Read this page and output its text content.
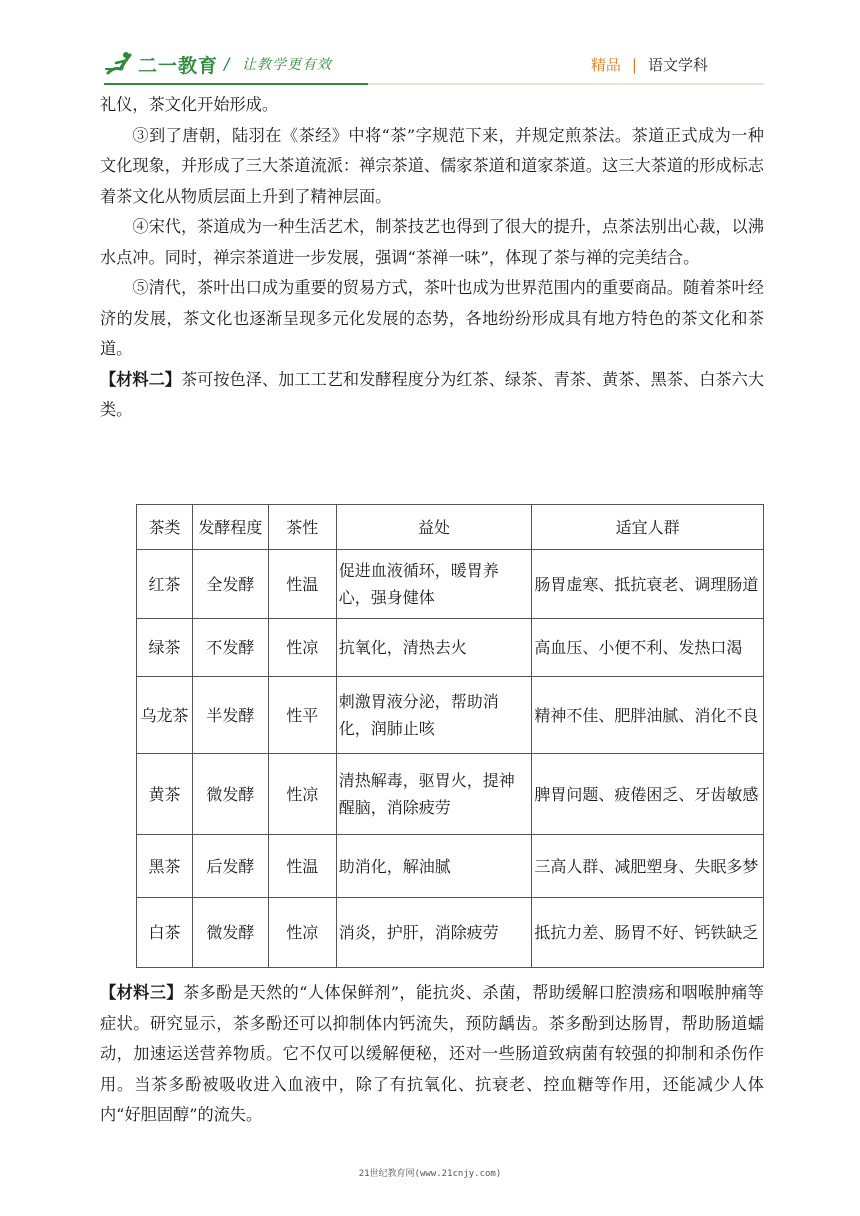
二一教育 / 让教学更有效	精品 | 语文学科

礼仪，茶文化开始形成。

③到了唐朝，陆羽在《茶经》中将“茶”字规范下来，并规定煎茶法。茶道正式成为一种文化现象，并形成了三大茶道流派：禅宗茶道、儒家茶道和道家茶道。这三大茶道的形成标志着茶文化从物质层面上升到了精神层面。

④宋代，茶道成为一种生活艺术，制茶技艺也得到了很大的提升，点茶法别出心裁，以沸水点冲。同时，禅宗茶道进一步发展，强调“茶禅一味”，体现了茶与禅的完美结合。

⑤清代，茶叶出口成为重要的贸易方式，茶叶也成为世界范围内的重要商品。随着茶叶经济的发展，茶文化也逐渐呈现多元化发展的态势，各地纷纷形成具有地方特色的茶文化和茶道。

【材料二】茶可按色泽、加工工艺和发酵程度分为红茶、绿茶、青茶、黄茶、黑茶、白茶六大类。

茶类	发酵程度	茶性	益处	适宜人群
红茶	全发酵	性温	促进血液循环，暖胃养心，强身健体	肠胃虚寒、抵抗衰老、调理肠道
绿茶	不发酵	性凉	抗氧化，清热去火	高血压、小便不利、发热口渴
乌龙茶	半发酵	性平	刺激胃液分泌，帮助消化，润肺止咳	精神不佳、肥胖油腻、消化不良
黄茶	微发酵	性凉	清热解毒，驱胃火，提神醒脑，消除疲劳	脾胃问题、疲倦困乏、牙齿敏感
黑茶	后发酵	性温	助消化，解油腻	三高人群、减肥塑身、失眠多梦
白茶	微发酵	性凉	消炎，护肝，消除疲劳	抵抗力差、肠胃不好、钙铁缺乏

【材料三】茶多酚是天然的“人体保鲜剂”，能抗炎、杀菌，帮助缓解口腔溃疡和咽喉肿痛等症状。研究显示，茶多酚还可以抑制体内钙流失，预防龋齿。茶多酚到达肠胃，帮助肠道蠕动，加速运送营养物质。它不仅可以缓解便秘，还对一些肠道致病菌有较强的抑制和杀伤作用。当茶多酚被吸收进入血液中，除了有抗氧化、抗衰老、控血糖等作用，还能减少人体内“好胆固醇”的流失。

21世纪教育网(www.21cnjy.com)
